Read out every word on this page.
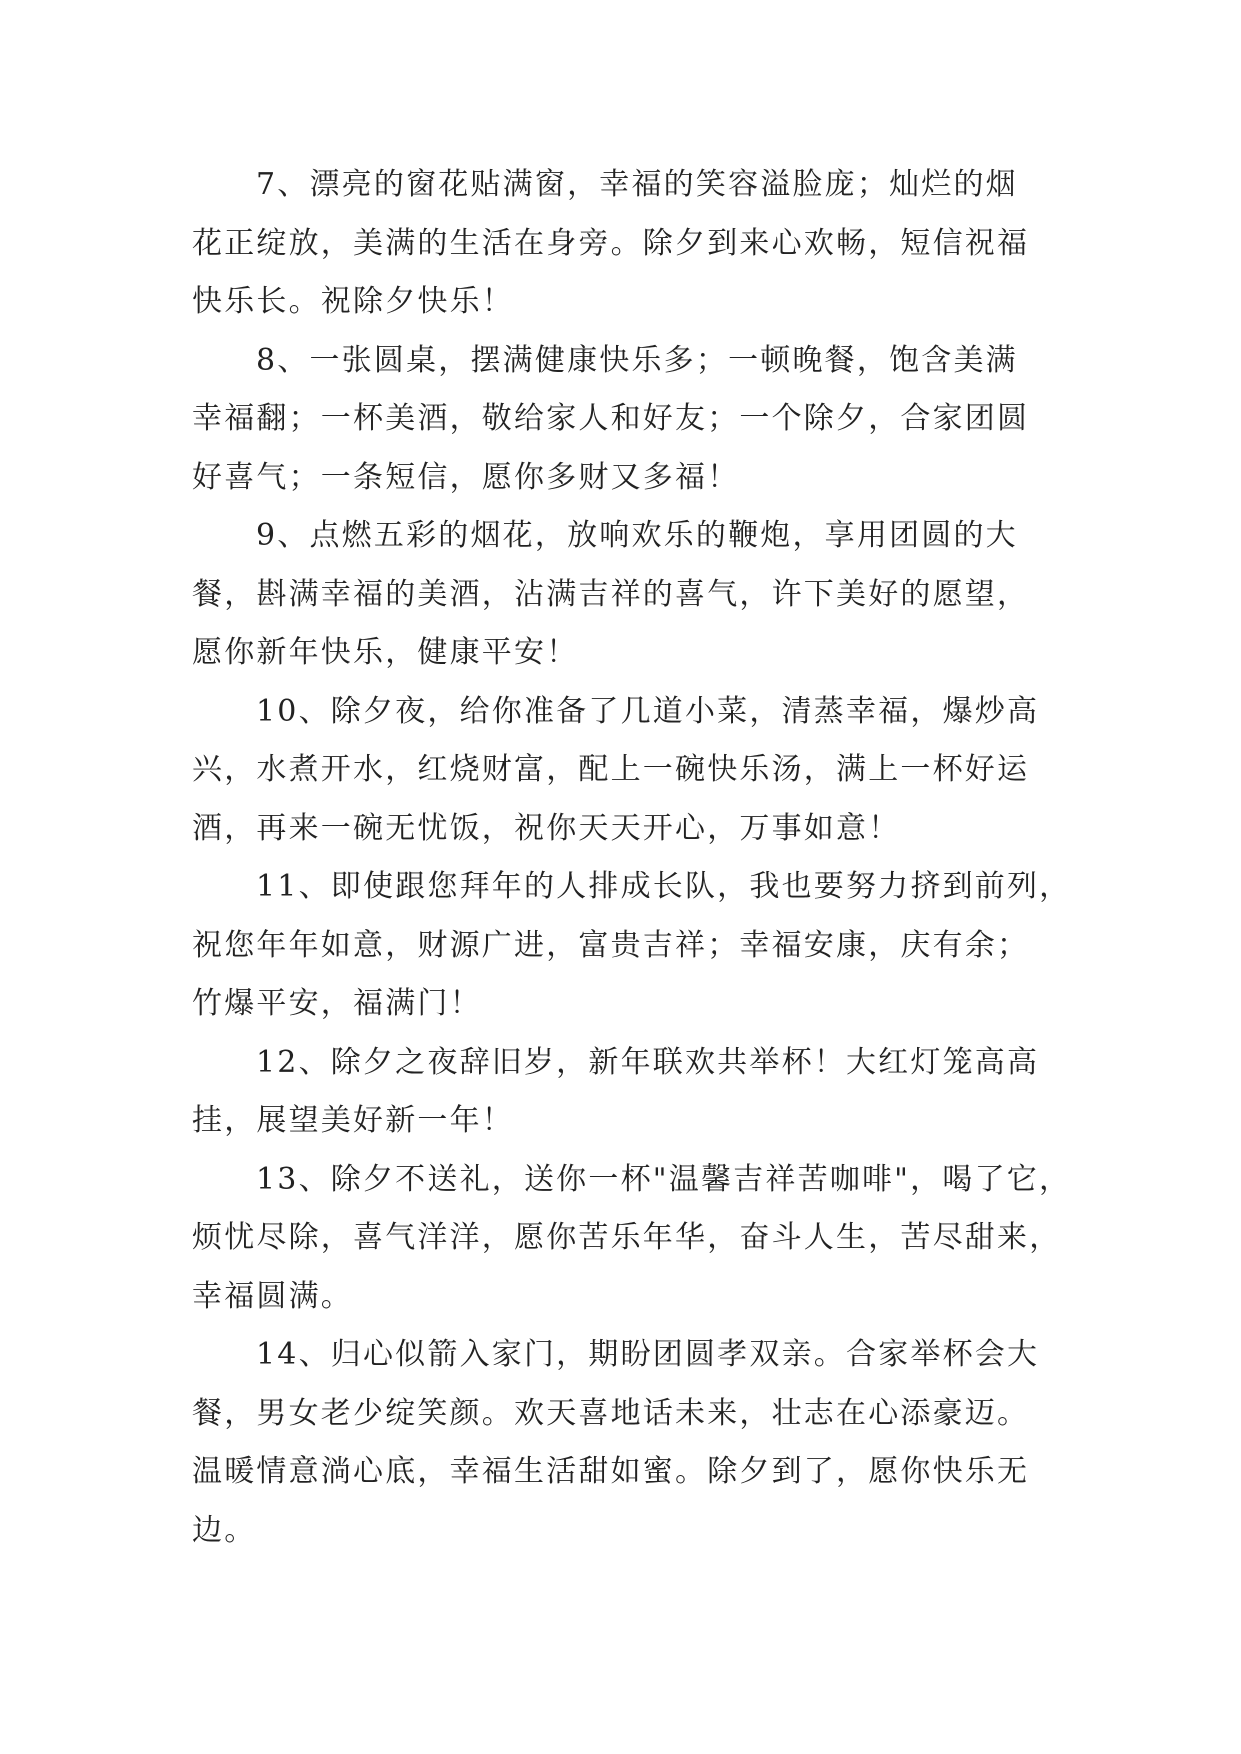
7、漂亮的窗花贴满窗，幸福的笑容溢脸庞；灿烂的烟
花正绽放，美满的生活在身旁。除夕到来心欢畅，短信祝福
快乐长。祝除夕快乐！
8、一张圆桌，摆满健康快乐多；一顿晚餐，饱含美满
幸福翻；一杯美酒，敬给家人和好友；一个除夕，合家团圆
好喜气；一条短信，愿你多财又多福！
9、点燃五彩的烟花，放响欢乐的鞭炮，享用团圆的大
餐，斟满幸福的美酒，沾满吉祥的喜气，许下美好的愿望，
愿你新年快乐，健康平安！
10、除夕夜，给你准备了几道小菜，清蒸幸福，爆炒高
兴，水煮开水，红烧财富，配上一碗快乐汤，满上一杯好运
酒，再来一碗无忧饭，祝你天天开心，万事如意！
11、即使跟您拜年的人排成长队，我也要努力挤到前列，
祝您年年如意，财源广进，富贵吉祥；幸福安康，庆有余；
竹爆平安，福满门！
12、除夕之夜辞旧岁，新年联欢共举杯！大红灯笼高高
挂，展望美好新一年！
13、除夕不送礼，送你一杯"温馨吉祥苦咖啡"，喝了它，
烦忧尽除，喜气洋洋，愿你苦乐年华，奋斗人生，苦尽甜来，
幸福圆满。
14、归心似箭入家门，期盼团圆孝双亲。合家举杯会大
餐，男女老少绽笑颜。欢天喜地话未来，壮志在心添豪迈。
温暖情意淌心底，幸福生活甜如蜜。除夕到了，愿你快乐无
边。
